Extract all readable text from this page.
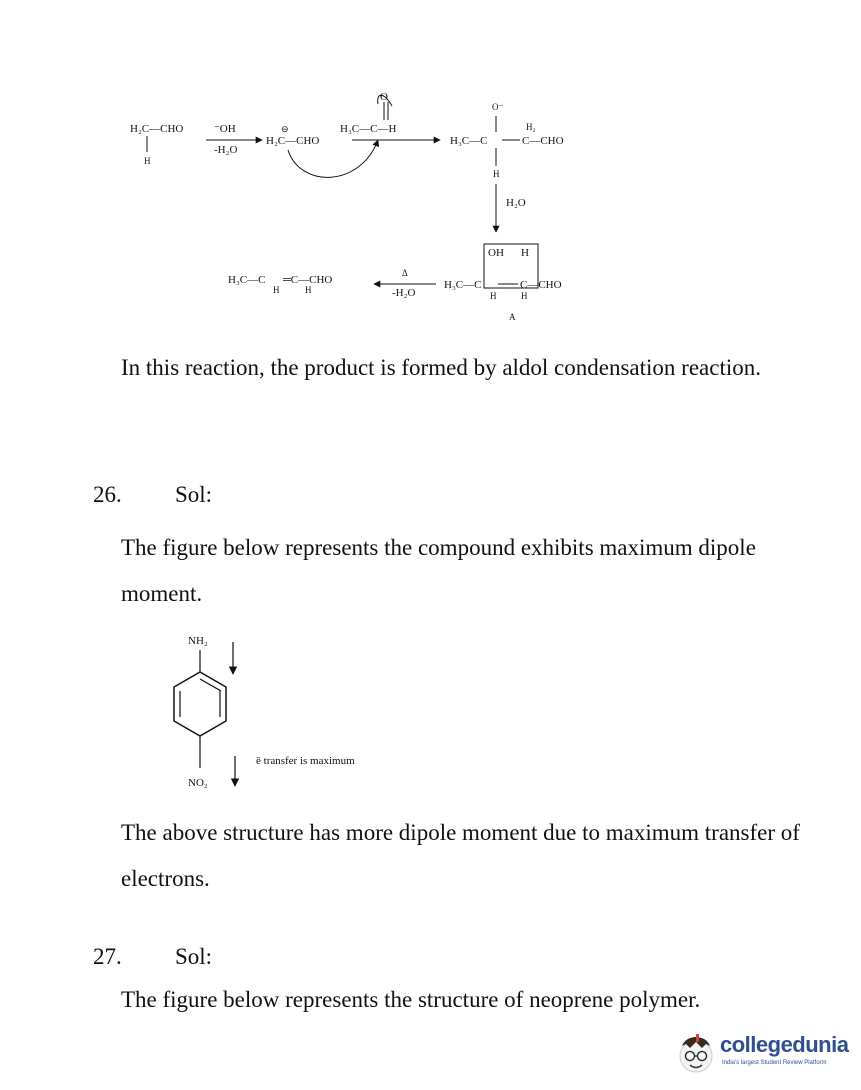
H₂C—CHO
H
⁻OH
-H₂O
⊖
H₂C—CHO
H₃C—C—H
O
O⁻
H₃C—C
H₂
C—CHO
H
H₂O
OH H
H₃C—C	C—CHO
H	H
A
Δ
-H₂O
H₃C—C ═C—CHO
H	H
In this reaction, the product is formed by aldol condensation reaction.
26. Sol:
The figure below represents the compound exhibits maximum dipole moment.
NH₂
NO₂
ē transfer is maximum
The above structure has more dipole moment due to maximum transfer of electrons.
27. Sol:
The figure below represents the structure of neoprene polymer.
collegedunia
India's largest Student Review Platform
